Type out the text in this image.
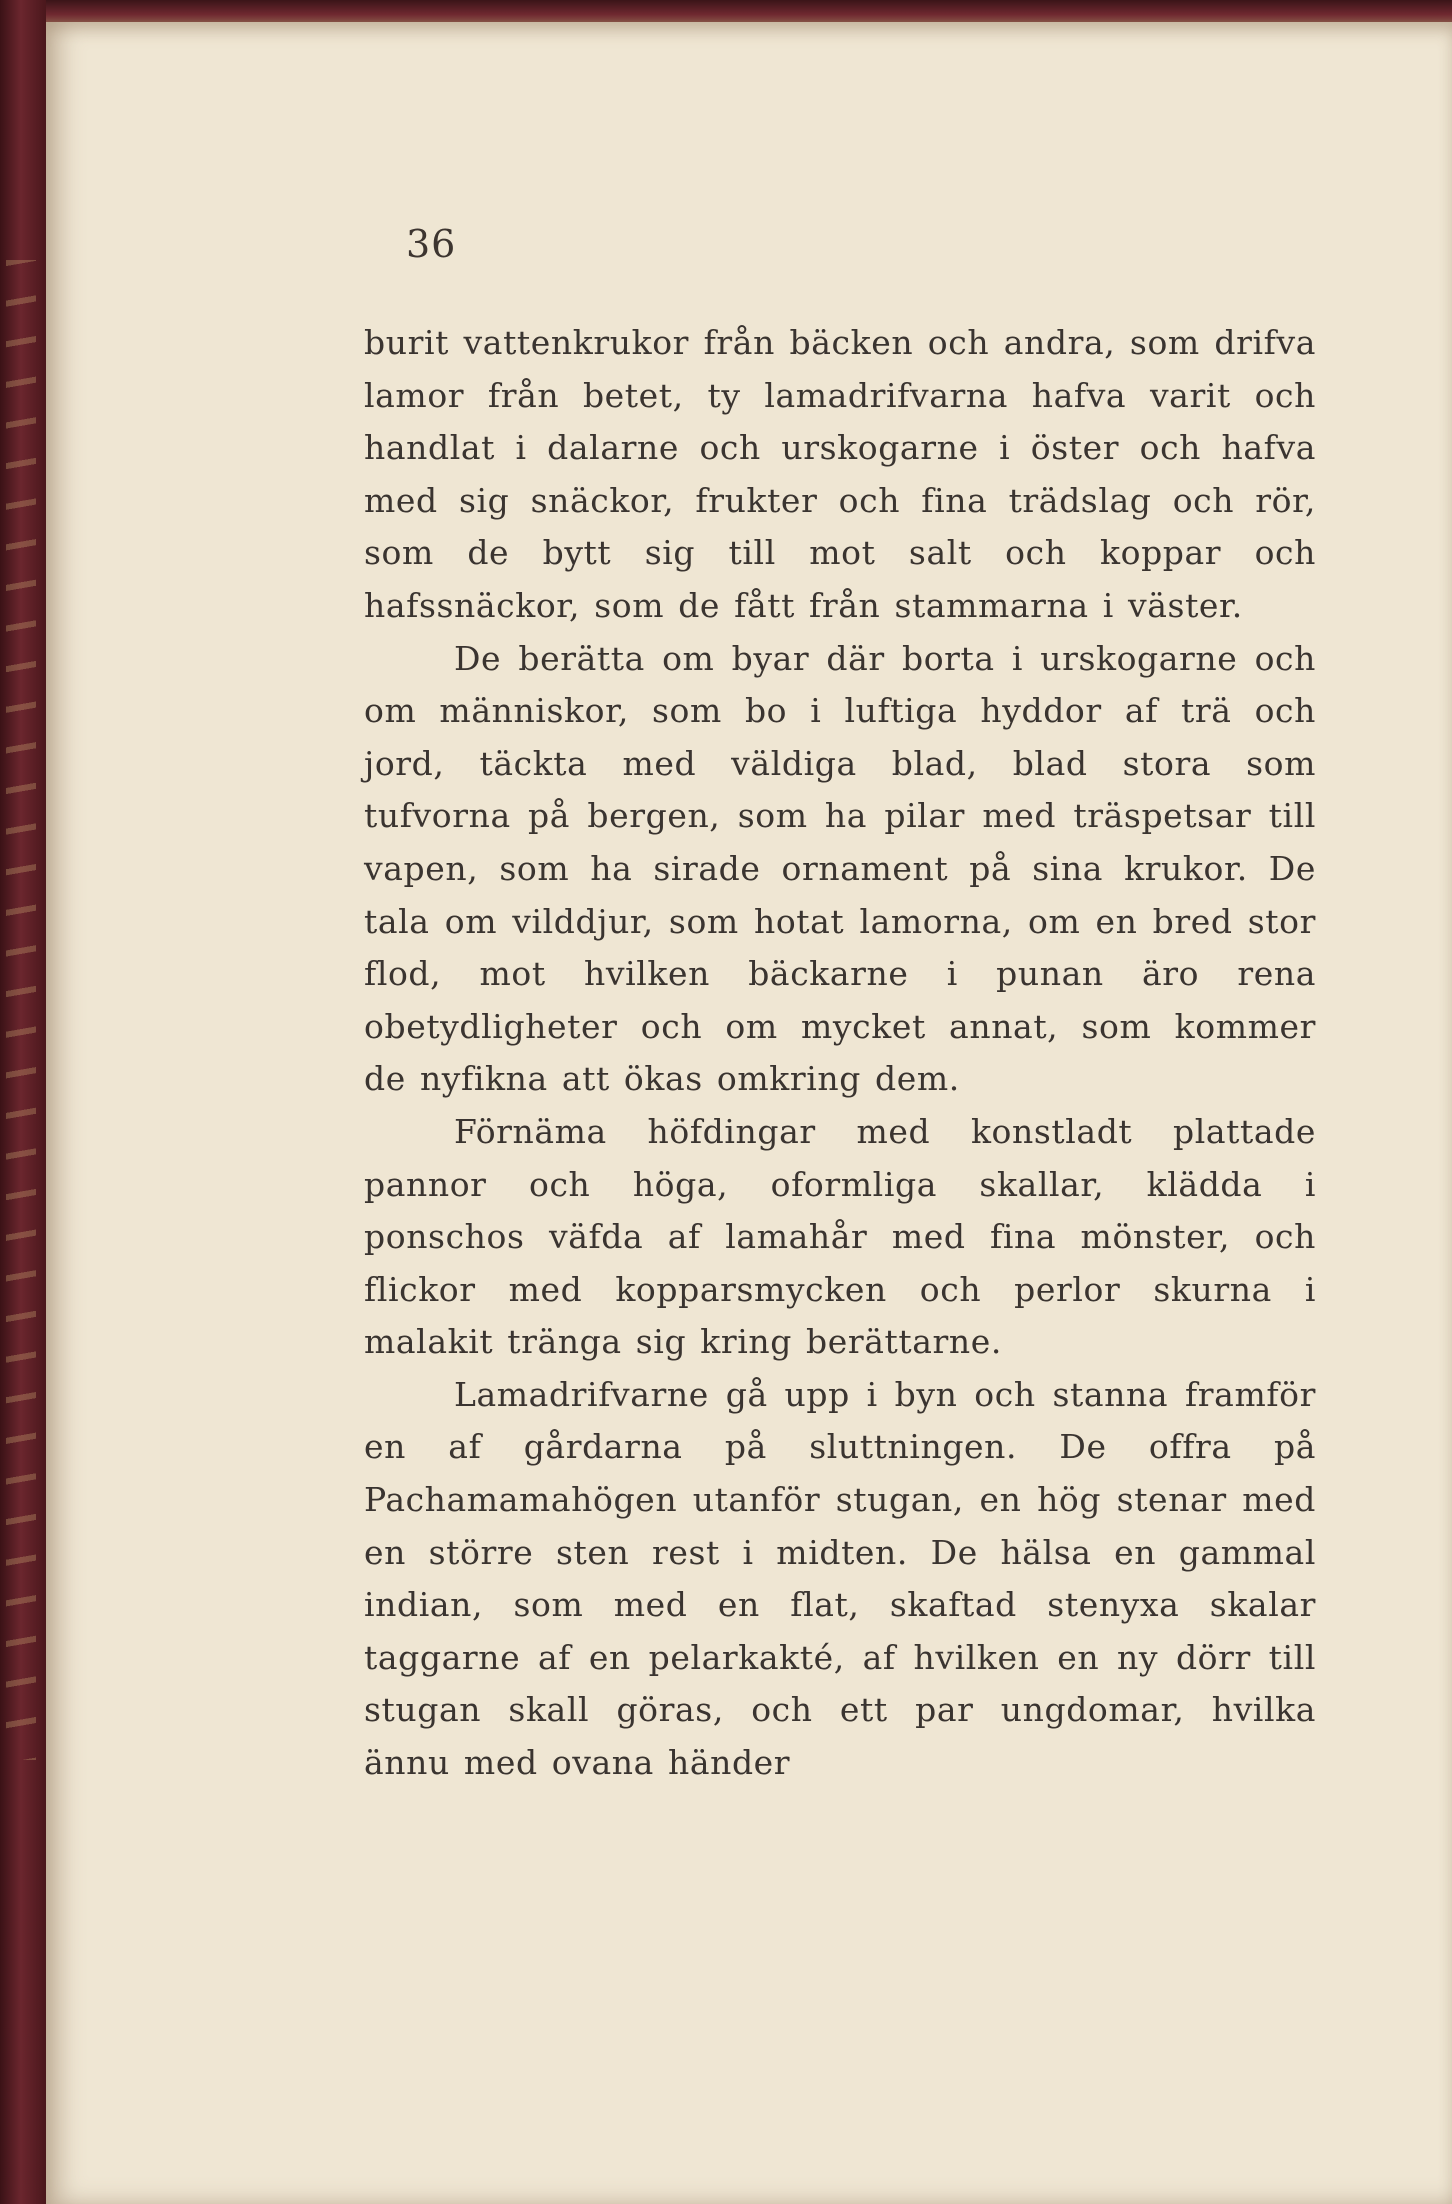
36

burit vattenkrukor från bäcken och andra, som drifva lamor från betet, ty lamadrifvarna hafva varit och handlat i dalarne och urskogarne i öster och hafva med sig snäckor, frukter och fina trädslag och rör, som de bytt sig till mot salt och koppar och hafssnäckor, som de fått från stammarna i väster.

De berätta om byar där borta i urskogarne och om människor, som bo i luftiga hyddor af trä och jord, täckta med väldiga blad, blad stora som tufvorna på bergen, som ha pilar med träspetsar till vapen, som ha sirade ornament på sina krukor. De tala om vilddjur, som hotat lamorna, om en bred stor flod, mot hvilken bäckarne i punan äro rena obetydligheter och om mycket annat, som kommer de nyfikna att ökas omkring dem.

Förnäma höfdingar med konstladt plattade pannor och höga, oformliga skallar, klädda i ponschos väfda af lamahår med fina mönster, och flickor med kopparsmycken och perlor skurna i malakit tränga sig kring berättarne.

Lamadrifvarne gå upp i byn och stanna framför en af gårdarna på sluttningen. De offra på Pachamamahögen utanför stugan, en hög stenar med en större sten rest i midten. De hälsa en gammal indian, som med en flat, skaftad stenyxa skalar taggarne af en pelarkakté, af hvilken en ny dörr till stugan skall göras, och ett par ungdomar, hvilka ännu med ovana händer
